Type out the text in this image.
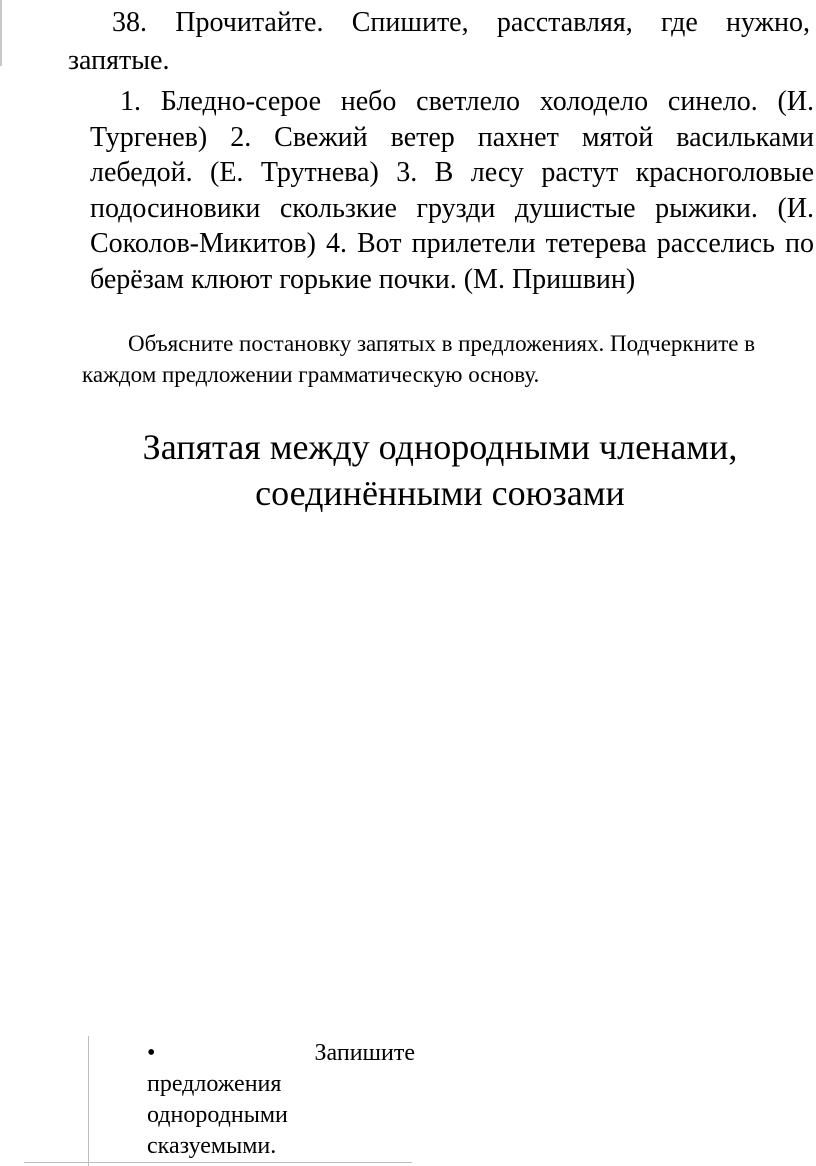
38. Прочитайте. Спишите, расставляя, где нужно, запятые.

1. Бледно-серое небо светлело холодело синело. (И. Тургенев) 2. Свежий ветер пахнет мятой васильками лебедой. (Е. Трутнева) 3. В лесу растут красноголовые подосиновики скользкие грузди душистые рыжики. (И. Соколов-Микитов) 4. Вот прилетели тетерева расселись по берёзам клюют горькие почки. (М. Пришвин)

Объясните постановку запятых в предложениях. Подчеркните в каждом предложении грамматическую основу.

Запятая между однородными членами,
соединёнными союзами
•	Запишите
предложения
однородными
сказуемыми.
